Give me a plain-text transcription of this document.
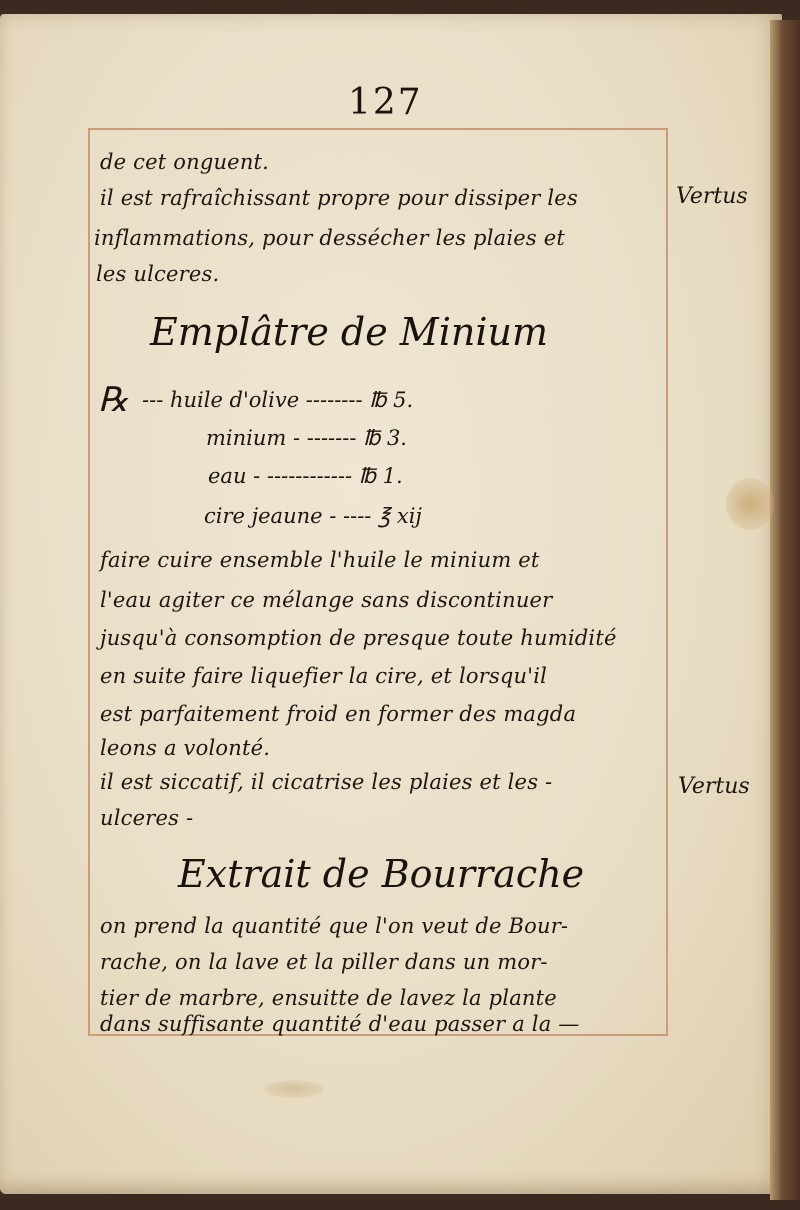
127
de cet onguent.
il est rafraîchissant propre pour dissiper les
inflammations, pour dessécher les plaies et
les ulceres.
Vertus
Emplâtre de Minium
℞ --- huile d'olive -------- ℔ 5.
minium - ------- ℔ 3.
eau - ------------ ℔ 1.
cire jeaune - ---- ℥ xij
faire cuire ensemble l'huile le minium et
l'eau agiter ce mélange sans discontinuer
jusqu'à consomption de presque toute humidité
en suite faire liquefier la cire, et lorsqu'il
est parfaitement froid en former des magda
leons a volonté.
il est siccatif, il cicatrise les plaies et les -
ulceres -
Vertus
Extrait de Bourrache
on prend la quantité que l'on veut de Bour-
rache, on la lave et la piller dans un mor-
tier de marbre, ensuitte de lavez la plante
dans suffisante quantité d'eau passer a la —
